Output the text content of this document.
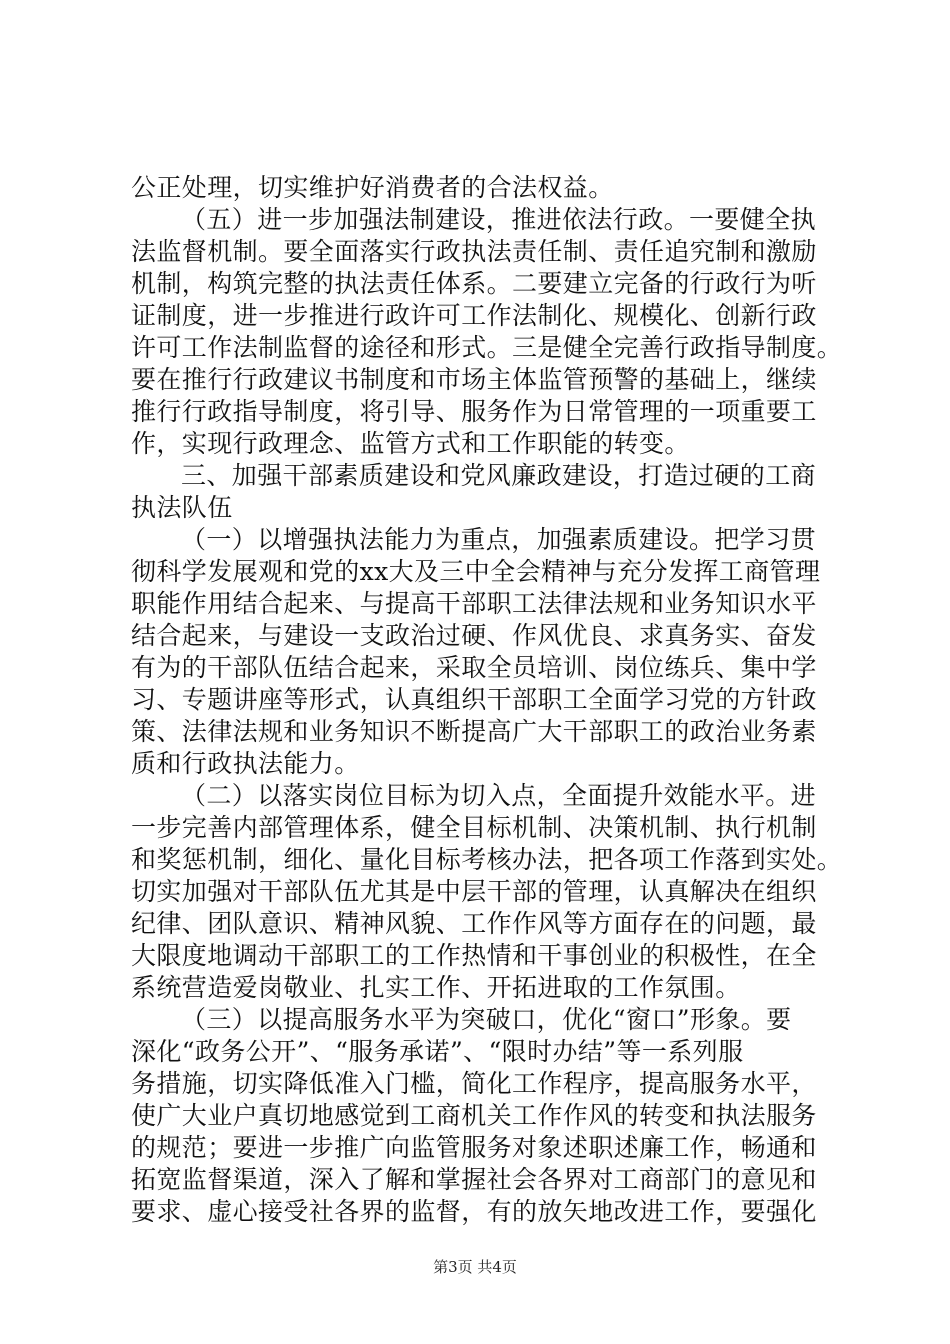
公正处理，切实维护好消费者的合法权益。
（五）进一步加强法制建设，推进依法行政。一要健全执
法监督机制。要全面落实行政执法责任制、责任追究制和激励
机制，构筑完整的执法责任体系。二要建立完备的行政行为听
证制度，进一步推进行政许可工作法制化、规模化、创新行政
许可工作法制监督的途径和形式。三是健全完善行政指导制度。
要在推行行政建议书制度和市场主体监管预警的基础上，继续
推行行政指导制度，将引导、服务作为日常管理的一项重要工
作，实现行政理念、监管方式和工作职能的转变。
三、加强干部素质建设和党风廉政建设，打造过硬的工商
执法队伍
（一）以增强执法能力为重点，加强素质建设。把学习贯
彻科学发展观和党的xx大及三中全会精神与充分发挥工商管理
职能作用结合起来、与提高干部职工法律法规和业务知识水平
结合起来，与建设一支政治过硬、作风优良、求真务实、奋发
有为的干部队伍结合起来，采取全员培训、岗位练兵、集中学
习、专题讲座等形式，认真组织干部职工全面学习党的方针政
策、法律法规和业务知识不断提高广大干部职工的政治业务素
质和行政执法能力。
（二）以落实岗位目标为切入点，全面提升效能水平。进
一步完善内部管理体系，健全目标机制、决策机制、执行机制
和奖惩机制，细化、量化目标考核办法，把各项工作落到实处。
切实加强对干部队伍尤其是中层干部的管理，认真解决在组织
纪律、团队意识、精神风貌、工作作风等方面存在的问题，最
大限度地调动干部职工的工作热情和干事创业的积极性，在全
系统营造爱岗敬业、扎实工作、开拓进取的工作氛围。
（三）以提高服务水平为突破口，优化“窗口”形象。要
深化“政务公开”、“服务承诺”、“限时办结”等一系列服
务措施，切实降低准入门槛，简化工作程序，提高服务水平，
使广大业户真切地感觉到工商机关工作作风的转变和执法服务
的规范；要进一步推广向监管服务对象述职述廉工作，畅通和
拓宽监督渠道，深入了解和掌握社会各界对工商部门的意见和
要求、虚心接受社各界的监督，有的放矢地改进工作，要强化
第3页 共4页
